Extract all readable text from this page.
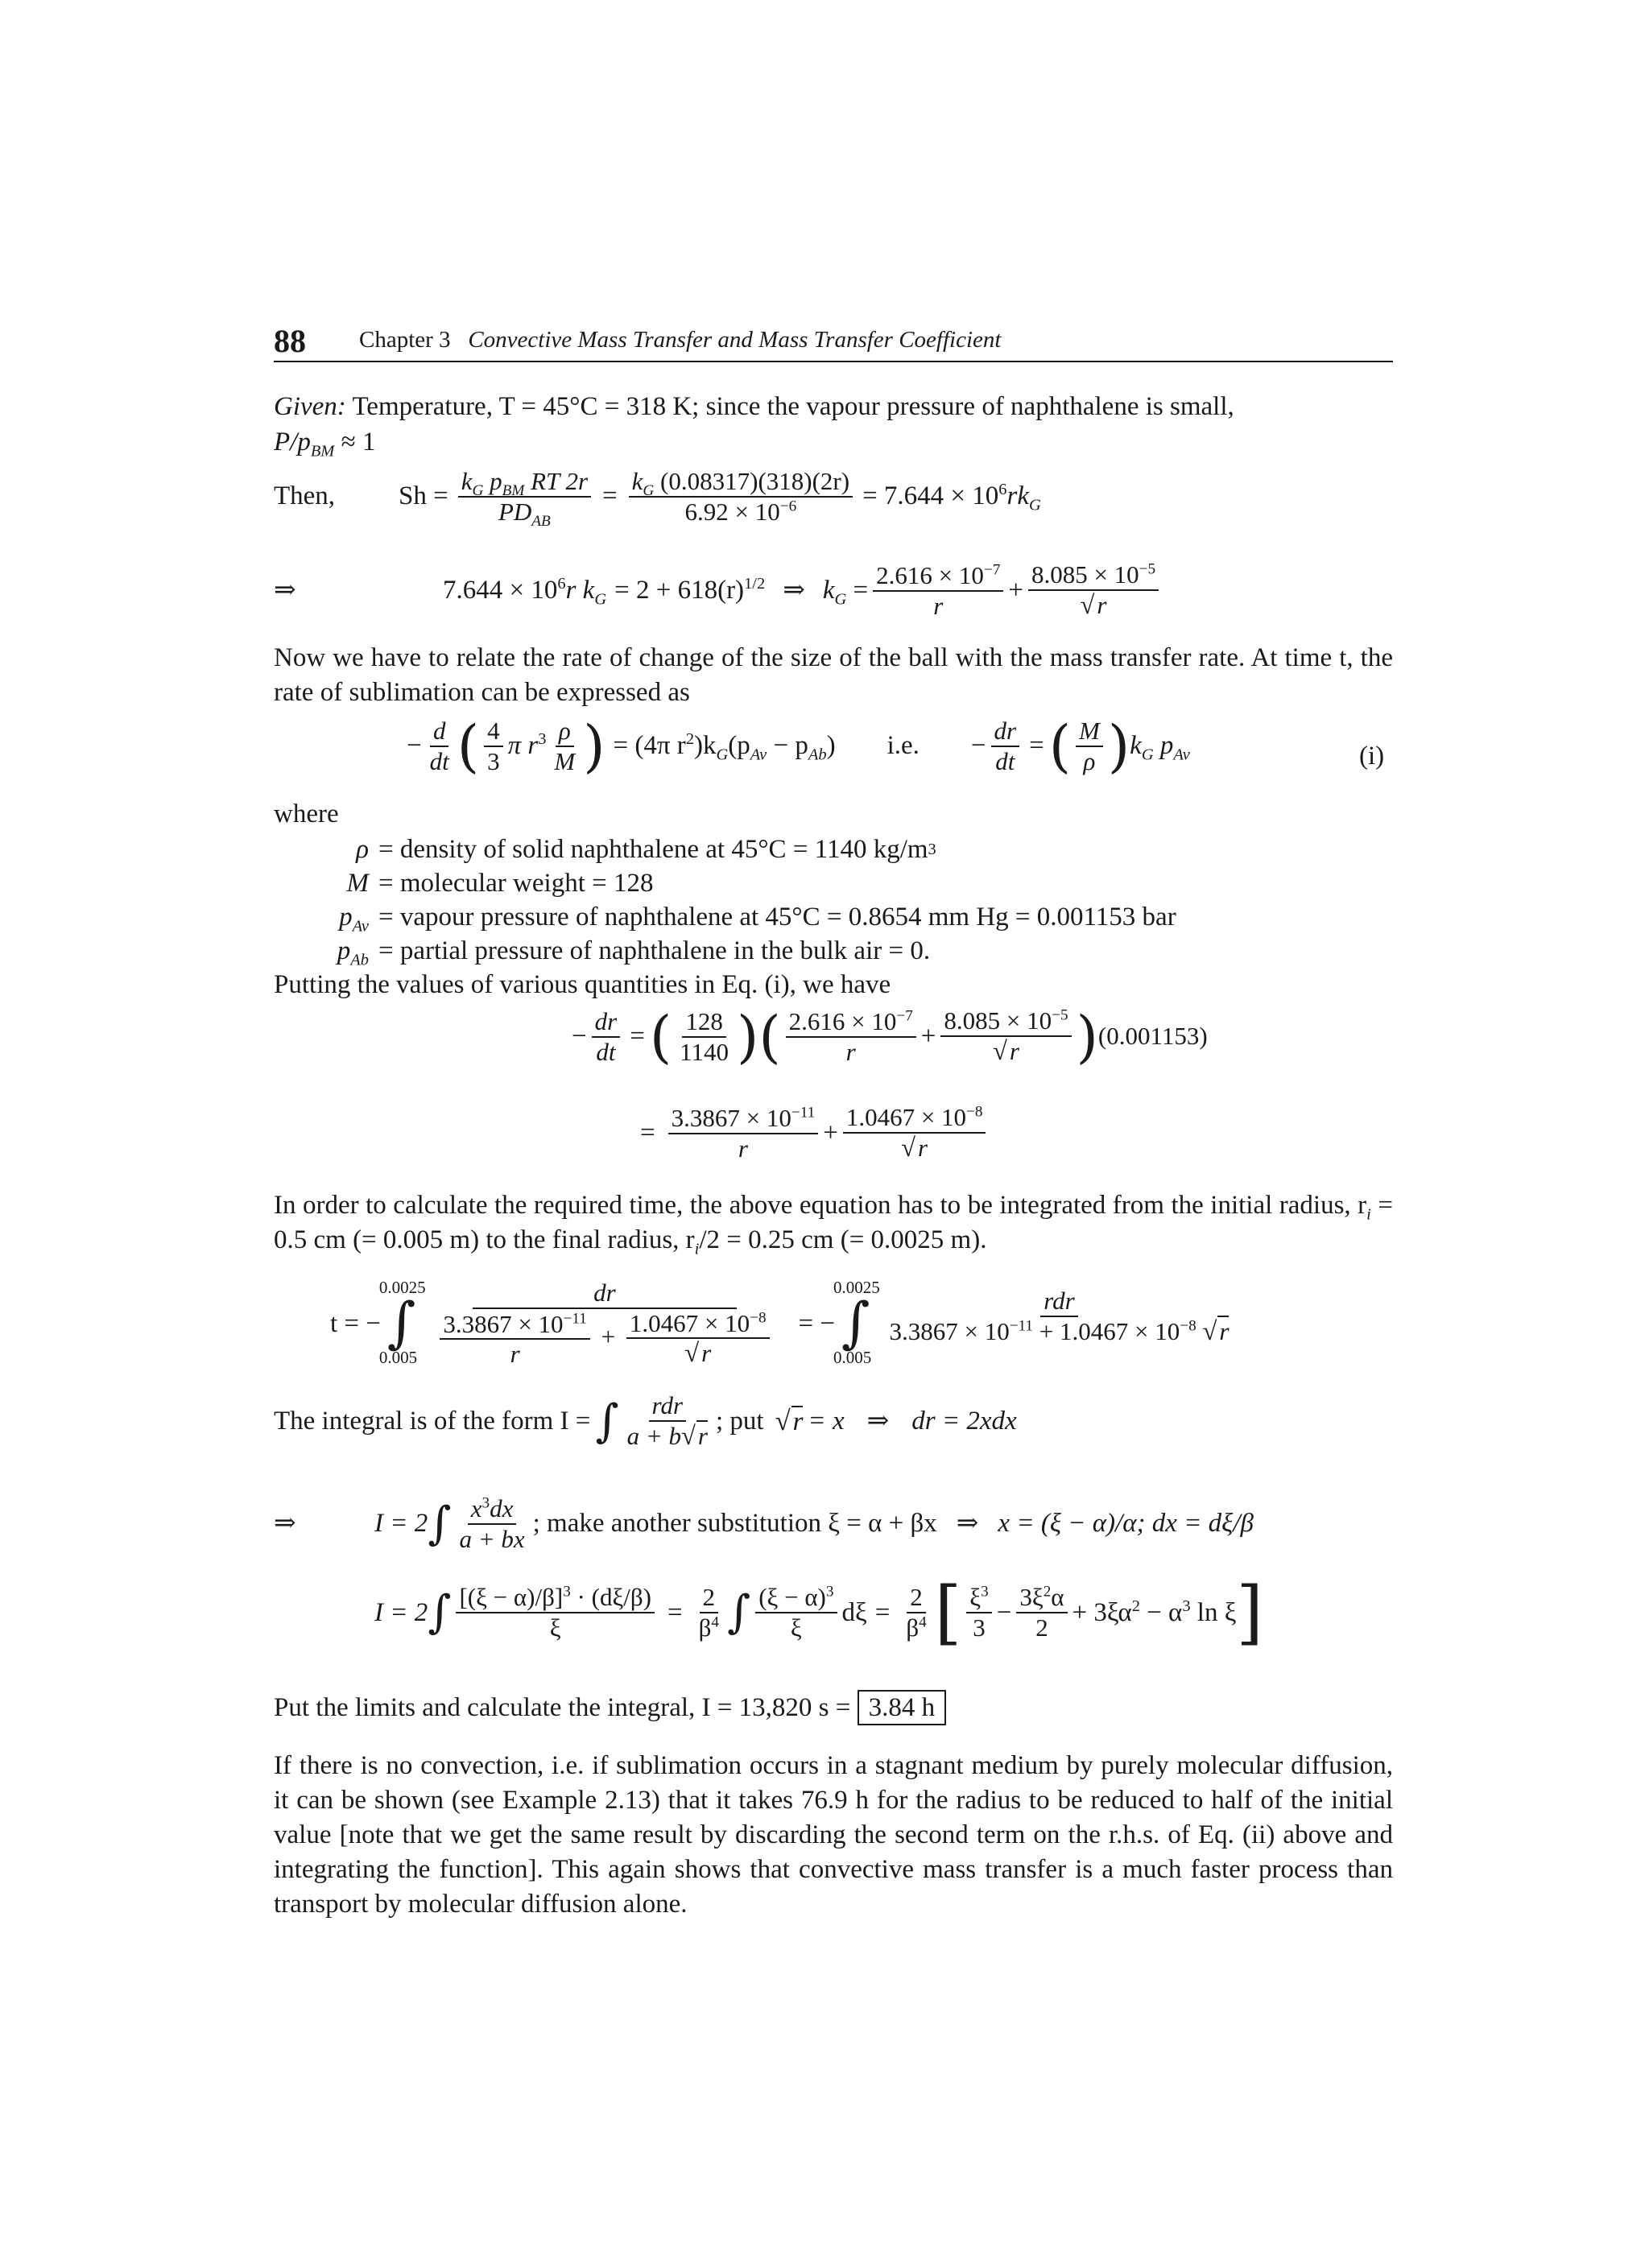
88 Chapter 3 Convective Mass Transfer and Mass Transfer Coefficient
Given: Temperature, T = 45°C = 318 K; since the vapour pressure of naphthalene is small,
$P/p_{BM} \approx 1$
Then,	$Sh = \frac{k_G p_{BM} RT 2r}{PD_{AB}} = \frac{k_G (0.08317)(318)(2r)}{6.92 \times 10^{-6}} = 7.644 \times 10^6rk_G$
⇒	$7.644 \times 10^6r$ $k_G = 2 + 618(r)^{1/2}$ ⇒ $k_G = \frac{2.616 \times 10^{-7}}{r} + \frac{8.085 \times 10^{-5}}{√r}$
Now we have to relate the rate of change of the size of the ball with the mass transfer rate. At time t, the rate of sublimation can be expressed as
− $\frac{d}{dt}$ ( $\frac{4}{3}$ π $r^3 \frac{\rho}{M}$ ) = (4π $r^2)k_G(p_{Av} - p_{Ab})$ i.e. − $\frac{dr}{dt}$ = ( $\frac{M}{\rho}$ ) $k_G$ $p_{Av}$	(i)
where
ρ = density of solid naphthalene at 45°C = 1140 kg/m 3
M = molecular weight = 128
$p_{Av}$ = vapour pressure of naphthalene at 45°C = 0.8654 mm Hg = 0.001153 bar
$p_{Ab}$ = partial pressure of naphthalene in the bulk air = 0.
Putting the values of various quantities in Eq. (i), we have
− $\frac{dr}{dt}$ = ( $\frac{128}{1140}$ ) ( $\frac{2.616 \times 10^{-7}}{r} + \frac{8.085 \times 10^{-5}}{√r}$ ) (0.001153)
= $\frac{3.3867 \times 10^{-11}}{r} + \frac{1.0467 \times 10^{-8}}{√r}$
In order to calculate the required time, the above equation has to be integrated from the initial radius, $r_i = 0.5$ cm (= 0.005 m) to the final radius, $r_i/2 = 0.25$ cm (= 0.0025 m).
t = −
0.0025
∫
$0.005 \frac{dr}{\frac{3.3867 \times 10^{-11}}{r} + \frac{1.0467 \times 10^{-8}}{√r}}$ = −
0.0025
∫
0.005
$\frac{\text{rdr}}{3.3867 \times 10^{-11} + 1.0467 \times 10^{-8} √r}$
The integral is of the form I = ∫ $\frac{\text{rdr}}{a + b√r}$ ; put √r = x ⇒ dr = 2xdx
⇒	I = 2 ∫ $\frac{x^3dx}{a + bx}$ ; make another substitution ξ = α + βx ⇒ x = (ξ − α)/α; dx = dξ/β
I = 2 ∫ $\frac{[(\xi - \alpha)/\beta]^3 \cdot (d\xi/\beta)}{\xi} = \frac{2}{\beta^4}$ ∫ $\frac{(\xi - \alpha)^3}{\xi}$ $d\xi = \frac{2}{\beta^4}$ [ $\frac{\xi^3}{3} - \frac{3\xi^2\alpha}{2} + 3\xi\alpha^2 - \alpha^3$ ln ξ ]
Put the limits and calculate the integral, I = 13,820 s = 3.84 h
If there is no convection, i.e. if sublimation occurs in a stagnant medium by purely molecular diffusion, it can be shown (see Example 2.13) that it takes 76.9 h for the radius to be reduced to half of the initial value [note that we get the same result by discarding the second term on the r.h.s. of Eq. (ii) above and integrating the function]. This again shows that convective mass transfer is a much faster process than transport by molecular diffusion alone.
